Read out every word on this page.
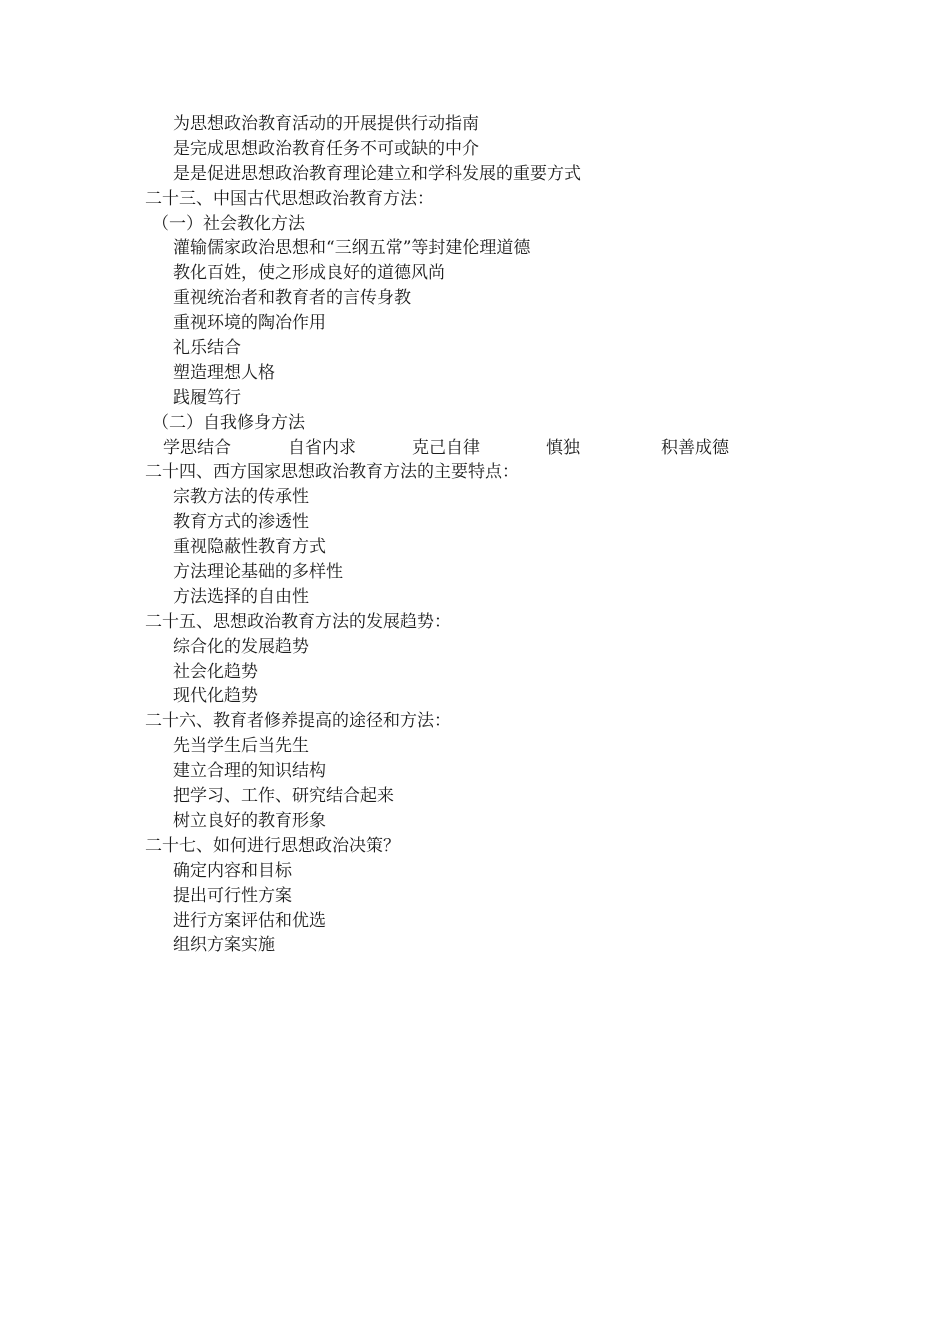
为思想政治教育活动的开展提供行动指南
是完成思想政治教育任务不可或缺的中介
是是促进思想政治教育理论建立和学科发展的重要方式
二十三、中国古代思想政治教育方法：
（一）社会教化方法
灌输儒家政治思想和“三纲五常”等封建伦理道德
教化百姓，使之形成良好的道德风尚
重视统治者和教育者的言传身教
重视环境的陶冶作用
礼乐结合
塑造理想人格
践履笃行
（二）自我修身方法
学思结合	自省内求	克己自律	慎独	积善成德
二十四、西方国家思想政治教育方法的主要特点：
宗教方法的传承性
教育方式的渗透性
重视隐蔽性教育方式
方法理论基础的多样性
方法选择的自由性
二十五、思想政治教育方法的发展趋势：
综合化的发展趋势
社会化趋势
现代化趋势
二十六、教育者修养提高的途径和方法：
先当学生后当先生
建立合理的知识结构
把学习、工作、研究结合起来
树立良好的教育形象
二十七、如何进行思想政治决策？
确定内容和目标
提出可行性方案
进行方案评估和优选
组织方案实施
